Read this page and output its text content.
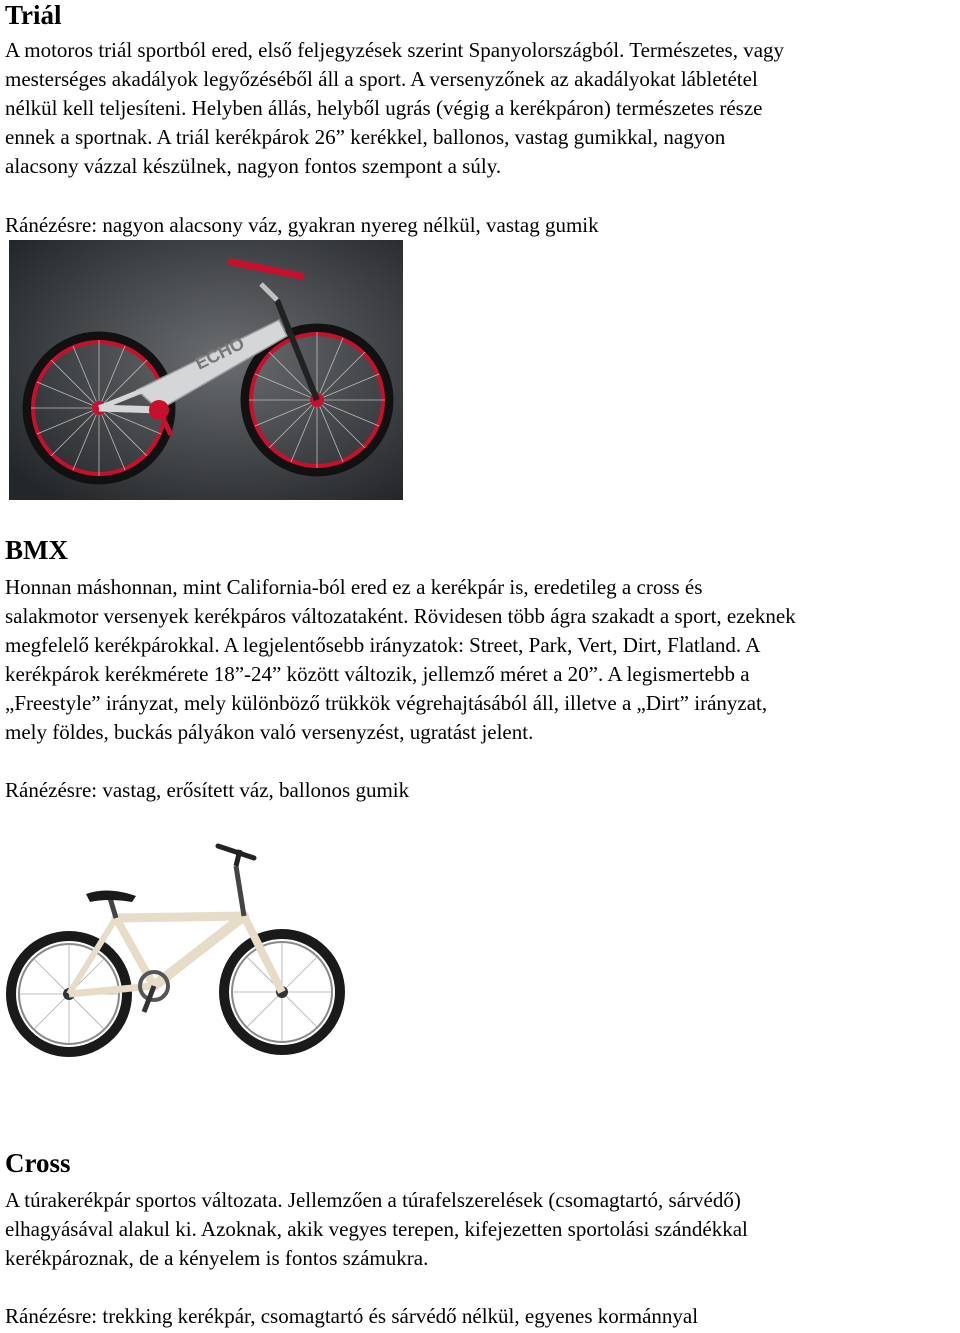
Triál
A motoros triál sportból ered, első feljegyzések szerint Spanyolországból. Természetes, vagy
mesterséges akadályok legyőzéséből áll a sport. A versenyzőnek az akadályokat lábletétel
nélkül kell teljesíteni. Helyben állás, helyből ugrás (végig a kerékpáron) természetes része
ennek a sportnak. A triál kerékpárok 26” kerékkel, ballonos, vastag gumikkal, nagyon
alacsony vázzal készülnek, nagyon fontos szempont a súly.
Ránézésre: nagyon alacsony váz, gyakran nyereg nélkül, vastag gumik
ECHO
BMX
Honnan máshonnan, mint California-ból ered ez a kerékpár is, eredetileg a cross és
salakmotor versenyek kerékpáros változataként. Rövidesen több ágra szakadt a sport, ezeknek
megfelelő kerékpárokkal. A legjelentősebb irányzatok: Street, Park, Vert, Dirt, Flatland. A
kerékpárok kerékmérete 18”-24” között változik, jellemző méret a 20”. A legismertebb a
„Freestyle” irányzat, mely különböző trükkök végrehajtásából áll, illetve a „Dirt” irányzat,
mely földes, buckás pályákon való versenyzést, ugratást jelent.
Ránézésre: vastag, erősített váz, ballonos gumik
Cross
A túrakerékpár sportos változata. Jellemzően a túrafelszerelések (csomagtartó, sárvédő)
elhagyásával alakul ki. Azoknak, akik vegyes terepen, kifejezetten sportolási szándékkal
kerékpároznak, de a kényelem is fontos számukra.
Ránézésre: trekking kerékpár, csomagtartó és sárvédő nélkül, egyenes kormánnyal
